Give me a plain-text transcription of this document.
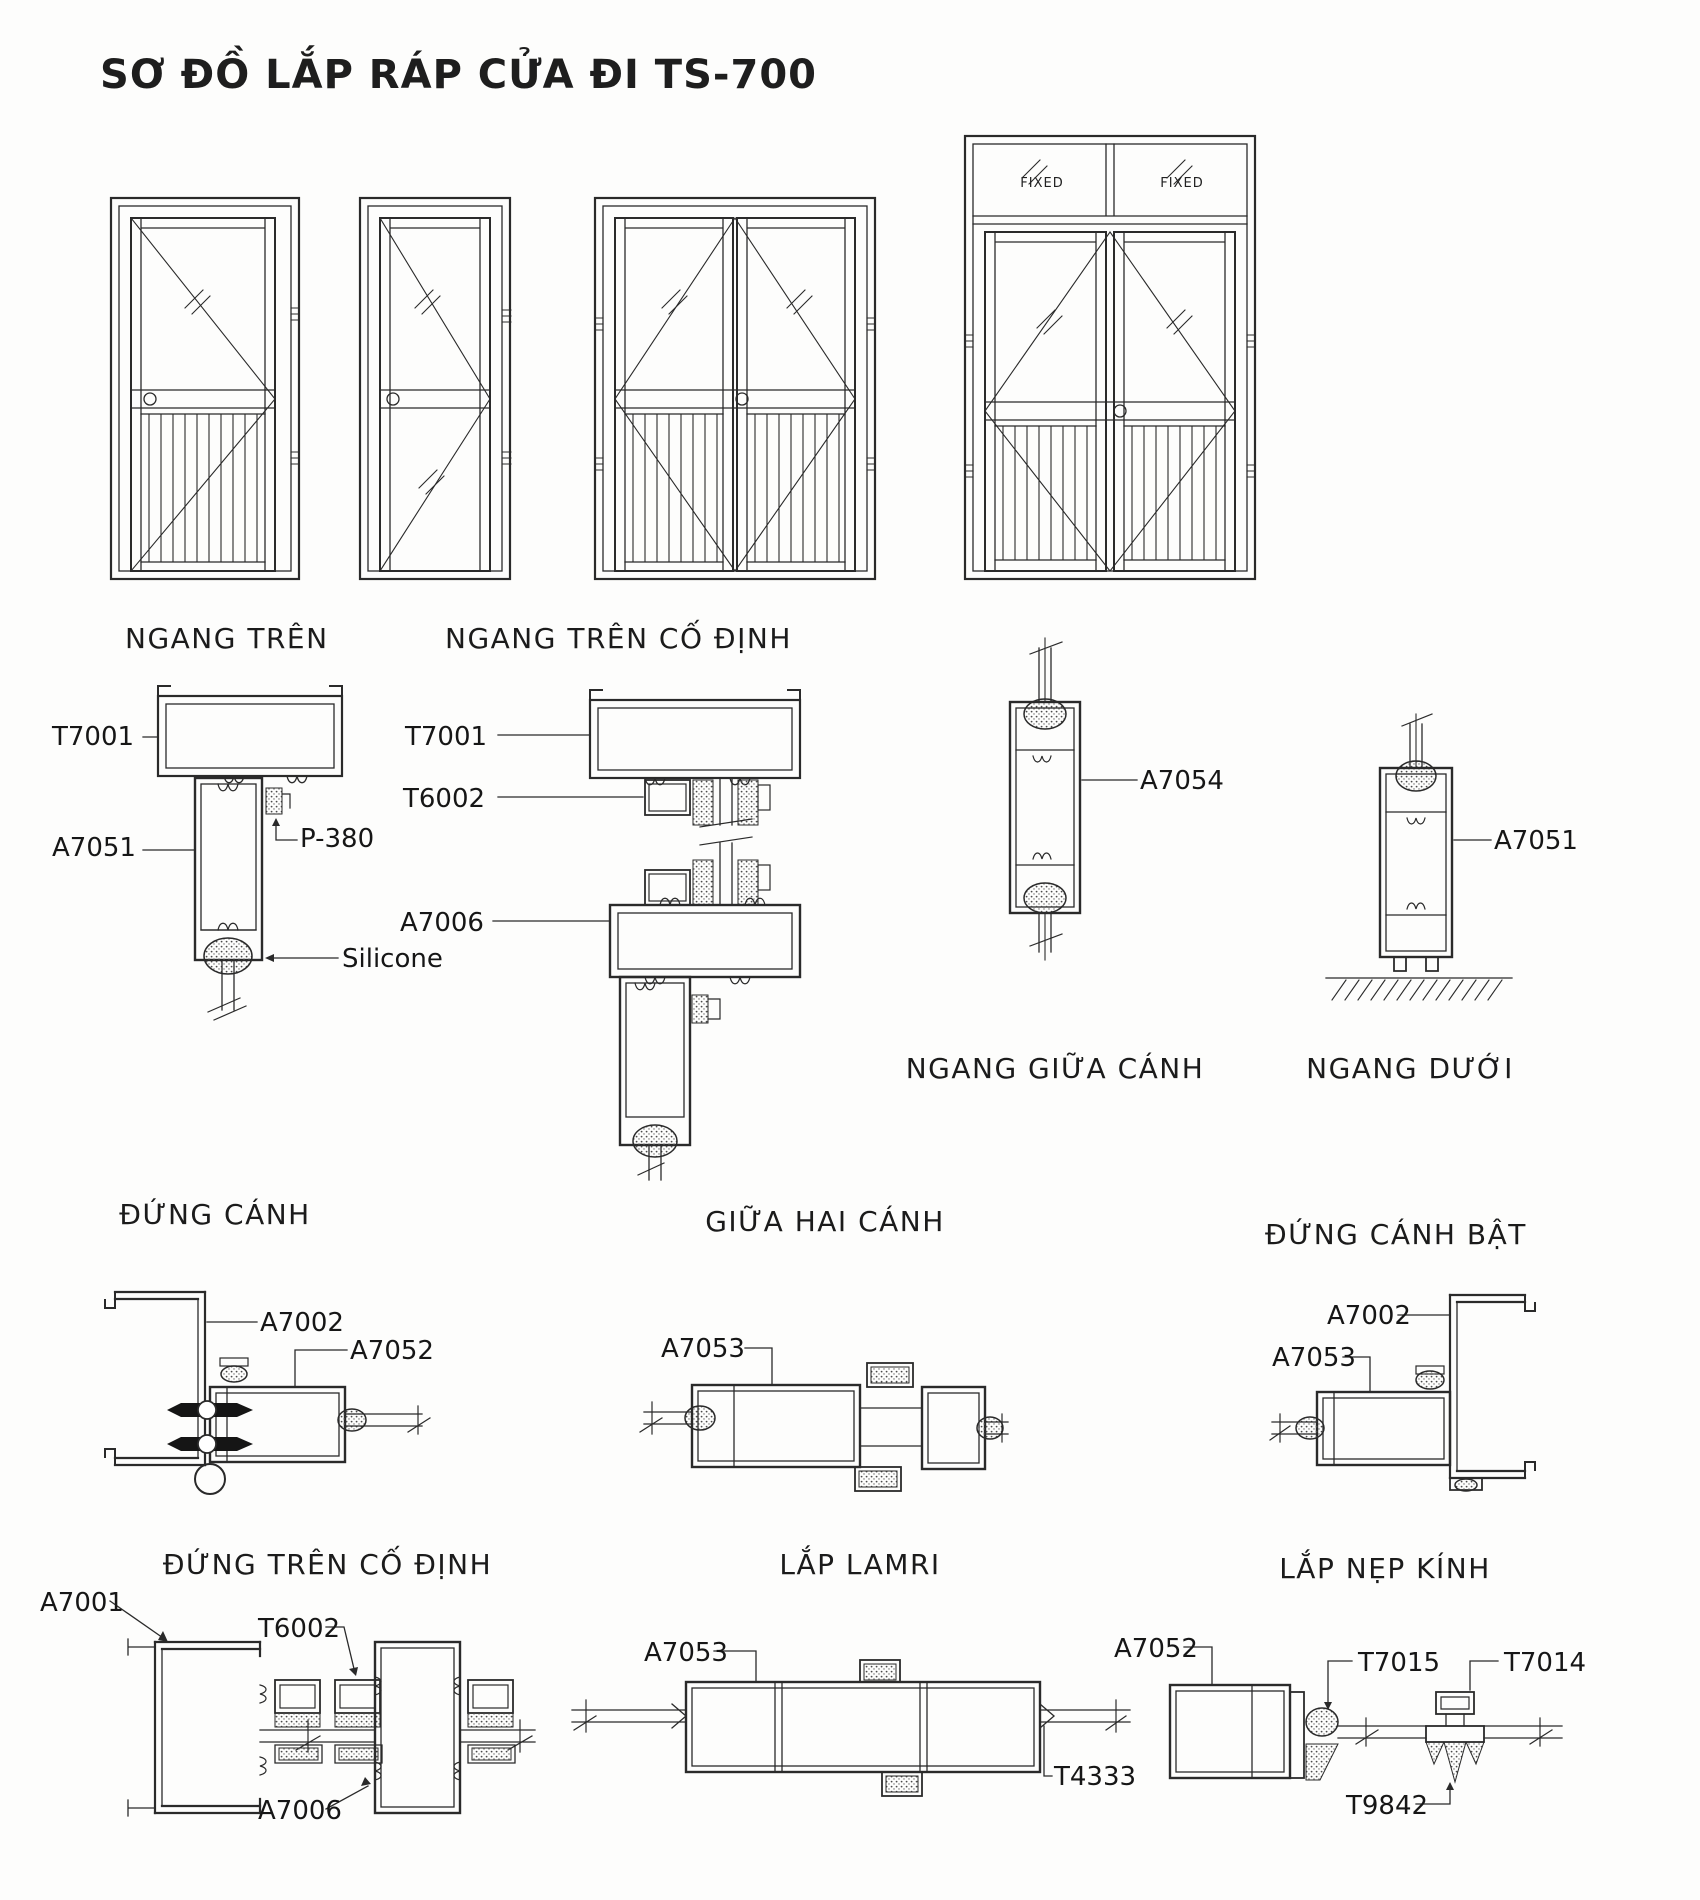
SƠ ĐỒ LẮP RÁP CỬA ĐI TS-700
FIXED	FIXED
NGANG TRÊN	NGANG TRÊN CỐ ĐỊNH
T7001
A7051	P-380
Silicone
T7001
T6002
A7006
A7054
NGANG GIỮA CÁNH
A7051
NGANG DƯỚI
ĐỨNG CÁNH	GIỮA HAI CÁNH	ĐỨNG CÁNH BẬT
A7002
A7052	A7053
A7002
A7053
ĐỨNG TRÊN CỐ ĐỊNH	LẮP LAMRI	LẮP NẸP KÍNH
A7001
T6002
A7006
A7053
T4333
A7052	T7015 T7014
T9842
